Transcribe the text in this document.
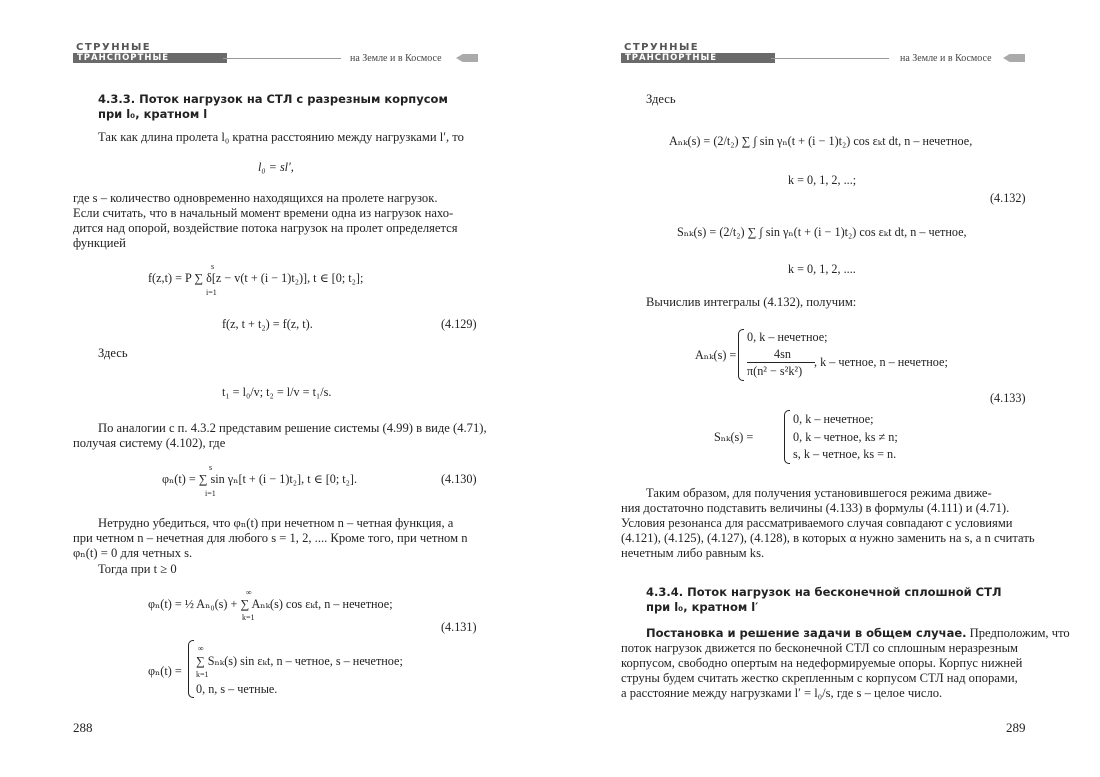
СТРУННЫЕ
ТРАНСПОРТНЫЕ СИСТЕМЫ >>
на Земле и в Космосе
4.3.3. Поток нагрузок на СТЛ с разрезным корпусом
при l₀, кратном l
Так как длина пролета l₀ кратна расстоянию между нагрузками l′, то
l₀ = sl′,
где s – количество одновременно находящихся на пролете нагрузок.
Если считать, что в начальный момент времени одна из нагрузок нахо-
дится над опорой, воздействие потока нагрузок на пролет определяется
функцией
s
f(z,t) = P ∑ δ[z − v(t + (i − 1)t₂)], t ∈ [0; t₂];
i=1
f(z, t + t₂) = f(z, t).	(4.129)
Здесь
t₁ = l₀/v; t₂ = l/v = t₁/s.
По аналогии с п. 4.3.2 представим решение системы (4.99) в виде (4.71),
получая систему (4.102), где
s
φₙ(t) = ∑ sin γₙ[t + (i − 1)t₂], t ∈ [0; t₂].
i=1
(4.130)
Нетрудно убедиться, что φₙ(t) при нечетном n – четная функция, а
при четном n – нечетная для любого s = 1, 2, .... Кроме того, при четном n
φₙ(t) = 0 для четных s.
Тогда при t ≥ 0
∞
φₙ(t) = ½ Aₙ₀(s) + ∑ Aₙₖ(s) cos εₖt, n – нечетное;
k=1
(4.131)
φₙ(t) =
∞
∑ Sₙₖ(s) sin εₖt, n – четное, s – нечетное;
k=1
0, n, s – четные.
288
СТРУННЫЕ
ТРАНСПОРТНЫЕ СИСТЕМЫ >>
на Земле и в Космосе
Здесь
Aₙₖ(s) = (2/t₂) ∑ ∫ sin γₙ(t + (i − 1)t₂) cos εₖt dt, n – нечетное,
k = 0, 1, 2, ...;
(4.132)
Sₙₖ(s) = (2/t₂) ∑ ∫ sin γₙ(t + (i − 1)t₂) cos εₖt dt, n – четное,
k = 0, 1, 2, ....
Вычислив интегралы (4.132), получим:
Aₙₖ(s) =
0, k – нечетное;
4sn
π(n² − s²k²)
, k – четное, n – нечетное;
(4.133)
Sₙₖ(s) =
0, k – нечетное;
0, k – четное, ks ≠ n;
s, k – четное, ks = n.
Таким образом, для получения установившегося режима движе-
ния достаточно подставить величины (4.133) в формулы (4.111) и (4.71).
Условия резонанса для рассматриваемого случая совпадают с условиями
(4.121), (4.125), (4.127), (4.128), в которых α нужно заменить на s, а n считать
нечетным либо равным ks.
4.3.4. Поток нагрузок на бесконечной сплошной СТЛ
при l₀, кратном l′
Постановка и решение задачи в общем случае. Предположим, что
поток нагрузок движется по бесконечной СТЛ со сплошным неразрезным
корпусом, свободно опертым на недеформируемые опоры. Корпус нижней
струны будем считать жестко скрепленным с корпусом СТЛ над опорами,
а расстояние между нагрузками l′ = l₀/s, где s – целое число.
289
